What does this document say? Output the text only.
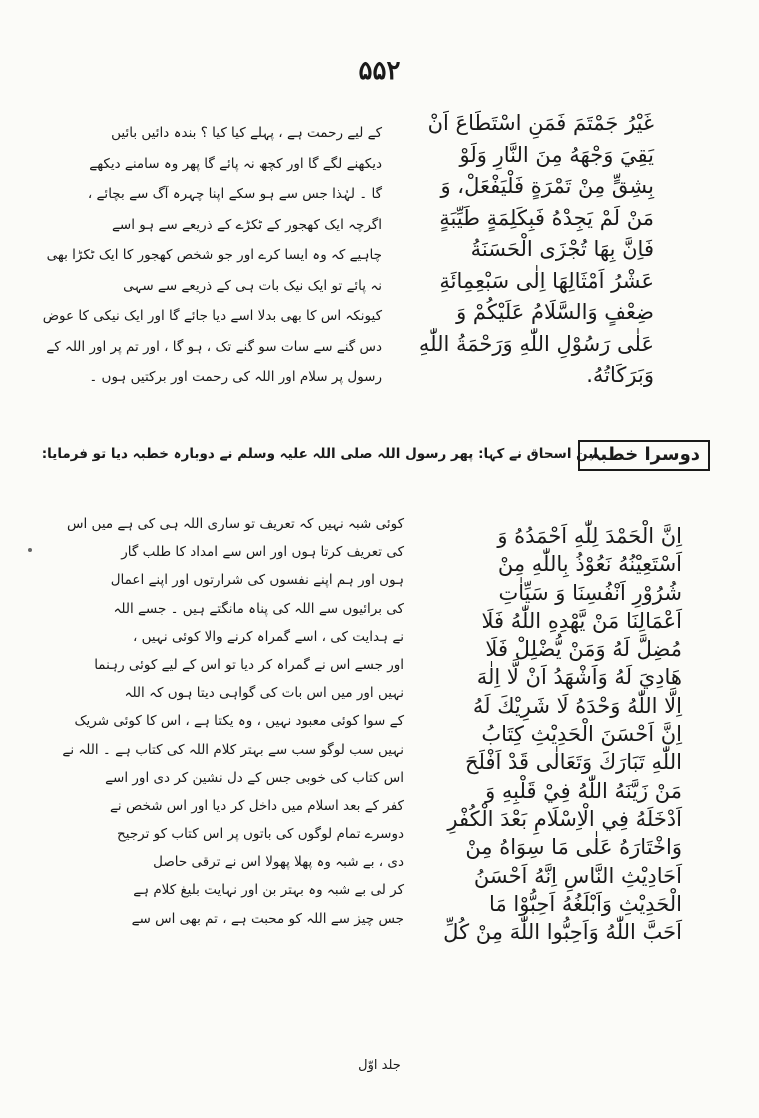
۵۵۲
غَيْرُ جَمْتَمَ فَمَنِ اسْتَطَاعَ اَنْ
يَقِيَ وَجْهَهُ مِنَ النَّارِ وَلَوْ
بِشِقٍّ مِنْ تَمْرَةٍ فَلْيَفْعَلْ، وَ
مَنْ لَمْ يَجِدْهُ فَبِكَلِمَةٍ طَيِّبَةٍ
فَاِنَّ بِهَا تُجْزَى الْحَسَنَةُ
عَشْرُ اَمْثَالِهَا اِلٰى سَبْعِمِائَةِ
ضِعْفٍ وَالسَّلَامُ عَلَيْكُمْ وَ
عَلٰى رَسُوْلِ اللّٰهِ وَرَحْمَةُ اللّٰهِ
وَبَرَكَاتُهُ.
کے لیے رحمت ہے ، پہلے کیا کیا ؟ بندہ دائیں بائیں
دیکھنے لگے گا اور کچھ نہ پائے گا پھر وہ سامنے دیکھے
گا ۔ لہٰذا جس سے ہو سکے اپنا چہرہ آگ سے بچائے ،
اگرچہ ایک کھجور کے ٹکڑے کے ذریعے سے ہو اسے
چاہیے کہ وہ ایسا کرے اور جو شخص کھجور کا ایک ٹکڑا بھی
نہ پائے تو ایک نیک بات ہی کے ذریعے سے سہی
کیونکہ اس کا بھی بدلا اسے دیا جائے گا اور ایک نیکی کا عوض
دس گنے سے سات سو گنے تک ، ہو گا ، اور تم پر اور اللہ کے
رسول پر سلام اور اللہ کی رحمت اور برکتیں ہوں ۔
دوسرا خطبہ
ابن اسحاق نے کہا: پھر رسول اللہ صلی اللہ علیہ وسلم نے دوبارہ خطبہ دیا تو فرمایا:
اِنَّ الْحَمْدَ لِلّٰهِ اَحْمَدُهُ وَ
اَسْتَعِيْنُهُ نَعُوْذُ بِاللّٰهِ مِنْ
شُرُوْرِ اَنْفُسِنَا وَ سَيِّاٰتِ
اَعْمَالِنَا مَنْ يَّهْدِهِ اللّٰهُ فَلَا
مُضِلَّ لَهُ وَمَنْ يُّضْلِلْ فَلَا
هَادِيَ لَهُ وَاَشْهَدُ اَنْ لَّا اِلٰهَ
اِلَّا اللّٰهُ وَحْدَهُ لَا شَرِيْكَ لَهُ
اِنَّ اَحْسَنَ الْحَدِيْثِ كِتَابُ
اللّٰهِ تَبَارَكَ وَتَعَالٰى قَدْ اَفْلَحَ
مَنْ زَيَّنَهُ اللّٰهُ فِيْ قَلْبِهِ وَ
اَدْخَلَهُ فِي الْاِسْلَامِ بَعْدَ الْكُفْرِ
وَاخْتَارَهُ عَلٰى مَا سِوَاهُ مِنْ
اَحَادِيْثِ النَّاسِ اِنَّهُ اَحْسَنُ
الْحَدِيْثِ وَاَبْلَغُهُ اَحِبُّوْا مَا
اَحَبَّ اللّٰهُ وَاَحِبُّوا اللّٰهَ مِنْ كُلِّ
کوئی شبہ نہیں کہ تعریف تو سارى اللہ ہی کی ہے میں اس
کی تعریف کرتا ہوں اور اس سے امداد کا طلب گار
ہوں اور ہم اپنے نفسوں کی شرارتوں اور اپنے اعمال
کی برائیوں سے اللہ کی پناہ مانگتے ہیں ۔ جسے اللہ
نے ہدایت کی ، اسے گمراہ کرنے والا کوئی نہیں ،
اور جسے اس نے گمراہ کر دیا تو اس کے لیے کوئی رہنما
نہیں اور میں اس بات کی گواہی دیتا ہوں کہ اللہ
کے سوا کوئی معبود نہیں ، وہ یکتا ہے ، اس کا کوئی شریک
نہیں سب لوگو سب سے بہتر کلام اللہ کی کتاب ہے ۔ اللہ نے
اس کتاب کی خوبی جس کے دل نشین کر دی اور اسے
کفر کے بعد اسلام میں داخل کر دیا اور اس شخص نے
دوسرے تمام لوگوں کی باتوں پر اس کتاب کو ترجیح
دی ، بے شبہ وہ پھلا پھولا اس نے ترقی حاصل
کر لی بے شبہ وہ بہتر بن اور نہایت بلیغ کلام ہے
جس چیز سے اللہ کو محبت ہے ، تم بھی اس سے
جلد اوّل
